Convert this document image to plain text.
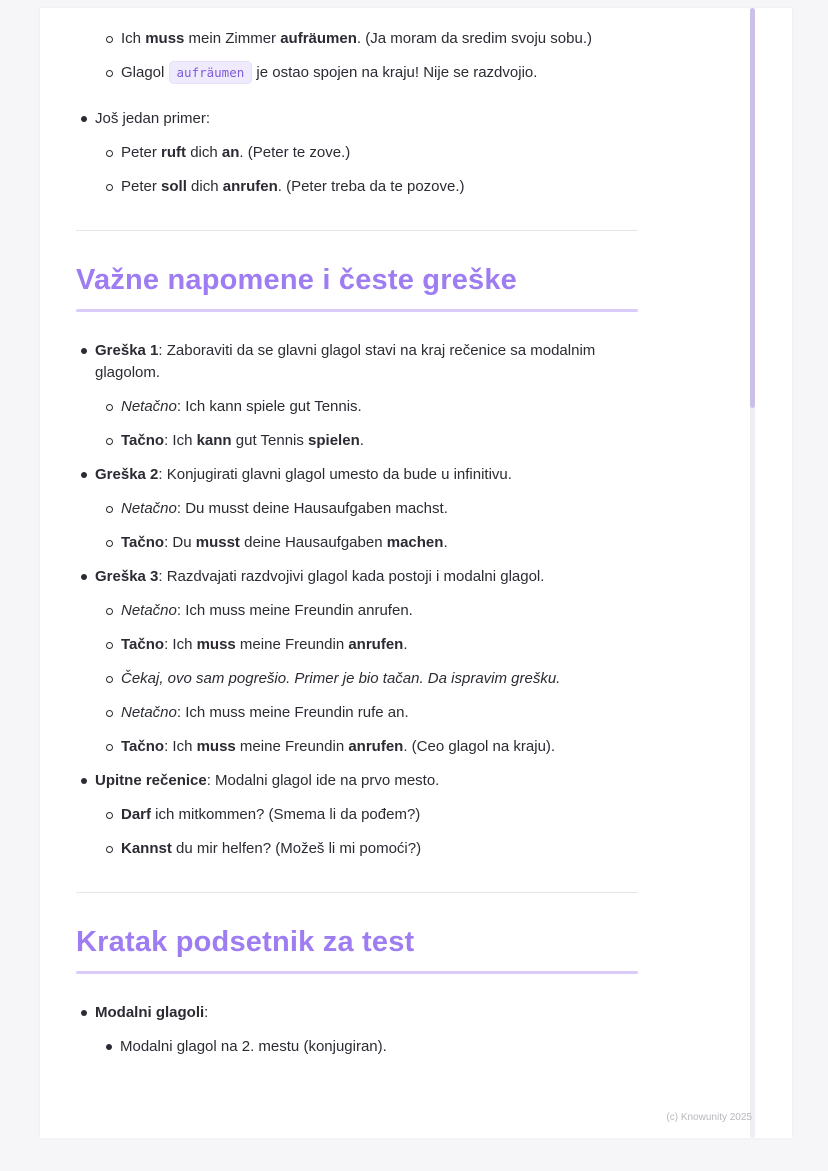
Ich muss mein Zimmer aufräumen. (Ja moram da sredim svoju sobu.)
Glagol aufräumen je ostao spojen na kraju! Nije se razdvojio.
Još jedan primer:
Peter ruft dich an. (Peter te zove.)
Peter soll dich anrufen. (Peter treba da te pozove.)
Važne napomene i česte greške
Greška 1: Zaboraviti da se glavni glagol stavi na kraj rečenice sa modalnim glagolom.
Netačno: Ich kann spiele gut Tennis.
Tačno: Ich kann gut Tennis spielen.
Greška 2: Konjugirati glavni glagol umesto da bude u infinitivu.
Netačno: Du musst deine Hausaufgaben machst.
Tačno: Du musst deine Hausaufgaben machen.
Greška 3: Razdvajati razdvojivi glagol kada postoji i modalni glagol.
Netačno: Ich muss meine Freundin anrufen.
Tačno: Ich muss meine Freundin anrufen.
Čekaj, ovo sam pogrešio. Primer je bio tačan. Da ispravim grešku.
Netačno: Ich muss meine Freundin rufe an.
Tačno: Ich muss meine Freundin anrufen. (Ceo glagol na kraju).
Upitne rečenice: Modalni glagol ide na prvo mesto.
Darf ich mitkommen? (Smema li da pođem?)
Kannst du mir helfen? (Možeš li mi pomoći?)
Kratak podsetnik za test
Modalni glagoli:
Modalni glagol na 2. mestu (konjugiran).
(c) Knowunity 2025
